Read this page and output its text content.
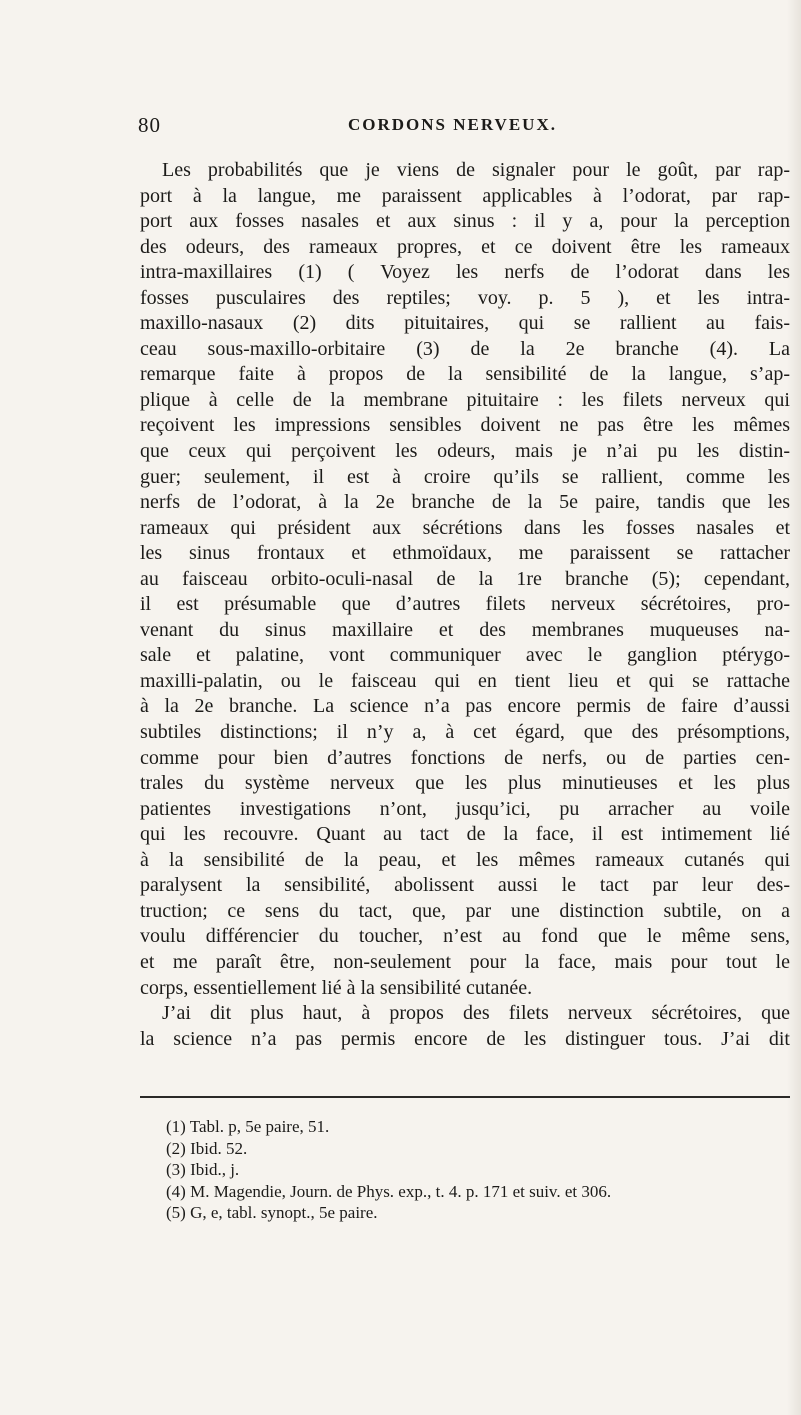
80	CORDONS NERVEUX.
Les probabilités que je viens de signaler pour le goût, par rap-
port à la langue, me paraissent applicables à l’odorat, par rap-
port aux fosses nasales et aux sinus : il y a, pour la perception
des odeurs, des rameaux propres, et ce doivent être les rameaux
intra-maxillaires (1) ( Voyez les nerfs de l’odorat dans les
fosses pusculaires des reptiles; voy. p. 5 ), et les intra-
maxillo-nasaux (2) dits pituitaires, qui se rallient au fais-
ceau sous-maxillo-orbitaire (3) de la 2e branche (4). La
remarque faite à propos de la sensibilité de la langue, s’ap-
plique à celle de la membrane pituitaire : les filets nerveux qui
reçoivent les impressions sensibles doivent ne pas être les mêmes
que ceux qui perçoivent les odeurs, mais je n’ai pu les distin-
guer; seulement, il est à croire qu’ils se rallient, comme les
nerfs de l’odorat, à la 2e branche de la 5e paire, tandis que les
rameaux qui président aux sécrétions dans les fosses nasales et
les sinus frontaux et ethmoïdaux, me paraissent se rattacher
au faisceau orbito-oculi-nasal de la 1re branche (5); cependant,
il est présumable que d’autres filets nerveux sécrétoires, pro-
venant du sinus maxillaire et des membranes muqueuses na-
sale et palatine, vont communiquer avec le ganglion ptérygo-
maxilli-palatin, ou le faisceau qui en tient lieu et qui se rattache
à la 2e branche. La science n’a pas encore permis de faire d’aussi
subtiles distinctions; il n’y a, à cet égard, que des présomptions,
comme pour bien d’autres fonctions de nerfs, ou de parties cen-
trales du système nerveux que les plus minutieuses et les plus
patientes investigations n’ont, jusqu’ici, pu arracher au voile
qui les recouvre. Quant au tact de la face, il est intimement lié
à la sensibilité de la peau, et les mêmes rameaux cutanés qui
paralysent la sensibilité, abolissent aussi le tact par leur des-
truction; ce sens du tact, que, par une distinction subtile, on a
voulu différencier du toucher, n’est au fond que le même sens,
et me paraît être, non-seulement pour la face, mais pour tout le
corps, essentiellement lié à la sensibilité cutanée.
J’ai dit plus haut, à propos des filets nerveux sécrétoires, que
la science n’a pas permis encore de les distinguer tous. J’ai dit
(1) Tabl. p, 5e paire, 51.
(2) Ibid. 52.
(3) Ibid., j.
(4) M. Magendie, Journ. de Phys. exp., t. 4. p. 171 et suiv. et 306.
(5) G, e, tabl. synopt., 5e paire.
